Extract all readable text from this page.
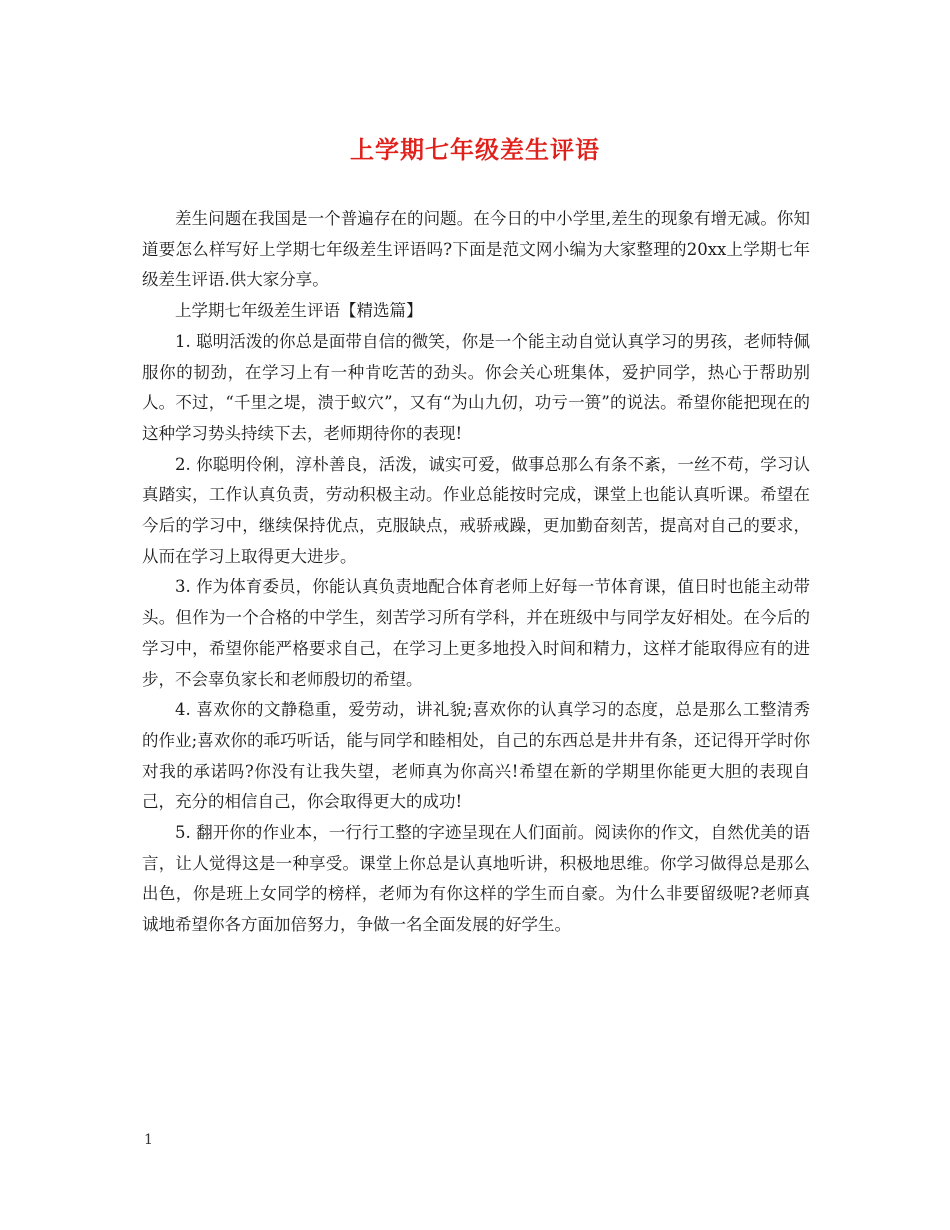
上学期七年级差生评语

差生问题在我国是一个普遍存在的问题。在今日的中小学里,差生的现象有增无减。你知道要怎么样写好上学期七年级差生评语吗?下面是范文网小编为大家整理的20xx上学期七年级差生评语.供大家分享。

上学期七年级差生评语【精选篇】

1. 聪明活泼的你总是面带自信的微笑，你是一个能主动自觉认真学习的男孩，老师特佩服你的韧劲，在学习上有一种肯吃苦的劲头。你会关心班集体，爱护同学，热心于帮助别人。不过，“千里之堤，溃于蚁穴”，又有“为山九仞，功亏一篑”的说法。希望你能把现在的这种学习势头持续下去，老师期待你的表现!

2. 你聪明伶俐，淳朴善良，活泼，诚实可爱，做事总那么有条不紊，一丝不苟，学习认真踏实，工作认真负责，劳动积极主动。作业总能按时完成，课堂上也能认真听课。希望在今后的学习中，继续保持优点，克服缺点，戒骄戒躁，更加勤奋刻苦，提高对自己的要求，从而在学习上取得更大进步。

3. 作为体育委员，你能认真负责地配合体育老师上好每一节体育课，值日时也能主动带头。但作为一个合格的中学生，刻苦学习所有学科，并在班级中与同学友好相处。在今后的学习中，希望你能严格要求自己，在学习上更多地投入时间和精力，这样才能取得应有的进步，不会辜负家长和老师殷切的希望。

4. 喜欢你的文静稳重，爱劳动，讲礼貌;喜欢你的认真学习的态度，总是那么工整清秀的作业;喜欢你的乖巧听话，能与同学和睦相处，自己的东西总是井井有条，还记得开学时你对我的承诺吗?你没有让我失望，老师真为你高兴!希望在新的学期里你能更大胆的表现自己，充分的相信自己，你会取得更大的成功!

5. 翻开你的作业本，一行行工整的字迹呈现在人们面前。阅读你的作文，自然优美的语言，让人觉得这是一种享受。课堂上你总是认真地听讲，积极地思维。你学习做得总是那么出色，你是班上女同学的榜样，老师为有你这样的学生而自豪。为什么非要留级呢?老师真诚地希望你各方面加倍努力，争做一名全面发展的好学生。

1
